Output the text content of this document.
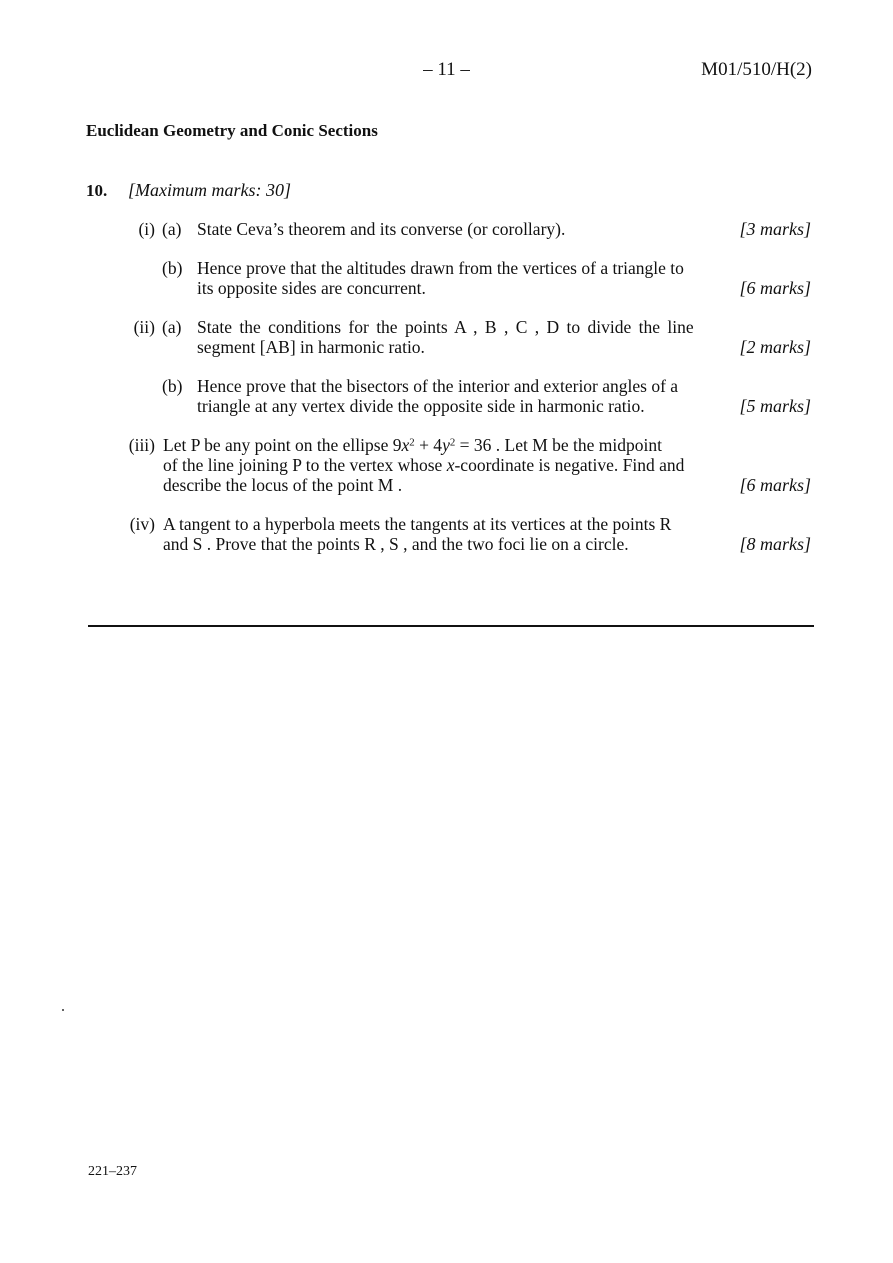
– 11 –	M01/510/H(2)
Euclidean Geometry and Conic Sections
10. [Maximum marks: 30]
(i) (a) State Ceva’s theorem and its converse (or corollary).	[3 marks]
(b) Hence prove that the altitudes drawn from the vertices of a triangle to
its opposite sides are concurrent.	[6 marks]
(ii) (a) State the conditions for the points A , B , C , D to divide the line
segment [AB] in harmonic ratio.	[2 marks]
(b) Hence prove that the bisectors of the interior and exterior angles of a
triangle at any vertex divide the opposite side in harmonic ratio.	[5 marks]
(iii) Let P be any point on the ellipse $9x^2 + 4y^2 = 36$ . Let M be the midpoint
of the line joining P to the vertex whose x-coordinate is negative. Find and
describe the locus of the point M .	[6 marks]
(iv) A tangent to a hyperbola meets the tangents at its vertices at the points R
and S . Prove that the points R , S , and the two foci lie on a circle.	[8 marks]
221–237
